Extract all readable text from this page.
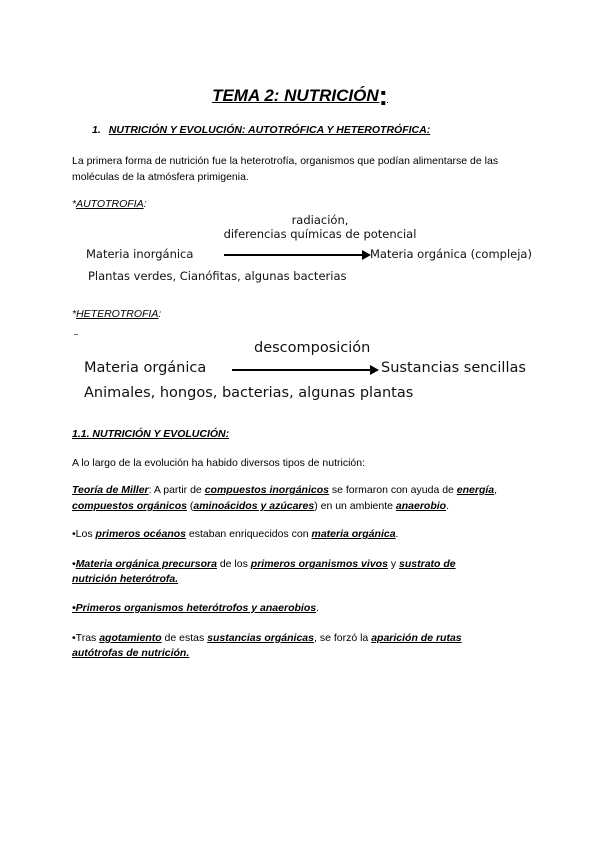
TEMA 2: NUTRICIÓN:
1. NUTRICIÓN Y EVOLUCIÓN: AUTOTRÓFICA Y HETEROTRÓFICA:
La primera forma de nutrición fue la heterotrofía, organismos que podían alimentarse de las
moléculas de la atmósfera primigenia.
*AUTOTROFIA:
radiación,
diferencias químicas de potencial
Materia inorgánica	Materia orgánica (compleja)
Plantas verdes, Cianófitas, algunas bacterias
*HETEROTROFIA:
descomposición
Materia orgánica	Sustancias sencillas
Animales, hongos, bacterias, algunas plantas
1.1. NUTRICIÓN Y EVOLUCIÓN:
A lo largo de la evolución ha habido diversos tipos de nutrición:
Teoría de Miller: A partir de compuestos inorgánicos se formaron con ayuda de energía,
compuestos orgánicos (aminoácidos y azúcares) en un ambiente anaerobio.
•Los primeros océanos estaban enriquecidos con materia orgánica.
•Materia orgánica precursora de los primeros organismos vivos y sustrato de nutrición heterótrofa.
•Primeros organismos heterótrofos y anaerobios.
•Tras agotamiento de estas sustancias orgánicas, se forzó la aparición de rutas autótrofas de nutrición.
